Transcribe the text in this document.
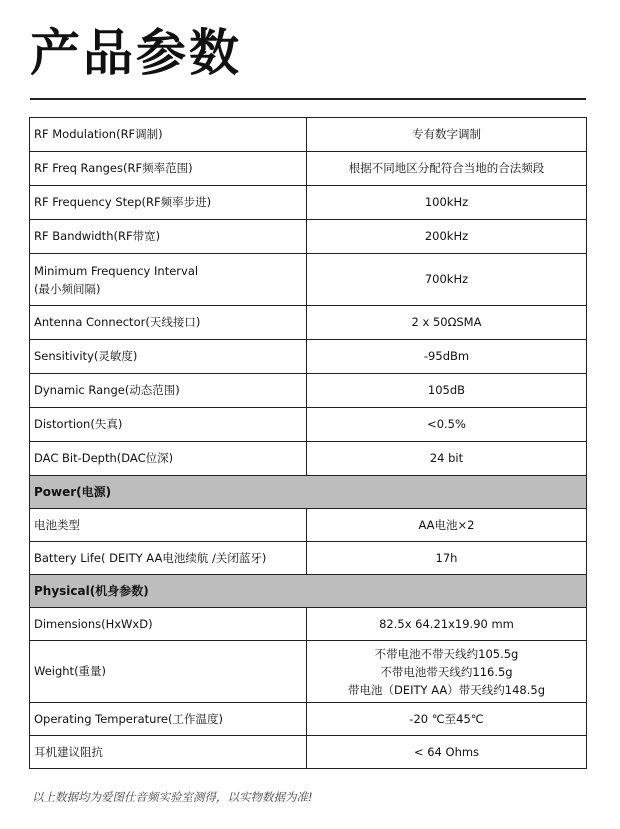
产品参数
RF Modulation(RF调制)	专有数字调制
RF Freq Ranges(RF频率范围)	根据不同地区分配符合当地的合法频段
RF Frequency Step(RF频率步进)	100kHz
RF Bandwidth(RF带宽)	200kHz

Minimum Frequency Interval
(最小频间隔)	700kHz
Antenna Connector(天线接口)	2 x 50ΩSMA
Sensitivity(灵敏度)	-95dBm
Dynamic Range(动态范围)	105dB
Distortion(失真)	<0.5%
DAC Bit-Depth(DAC位深)	24 bit
Power(电源)	
电池类型	AA电池×2
Battery Life( DEITY AA电池续航 /关闭蓝牙)	17h
Physical(机身参数)	
Dimensions(HxWxD)	82.5x 64.21x19.90 mm
Weight(重量)	不带电池不带天线约105.5g
不带电池带天线约116.5g
带电池（DEITY AA）带天线约148.5g

Operating Temperature(工作温度)	-20 ℃至45℃
耳机建议阻抗	< 64 Ohms
以上数据均为爱图仕音频实验室测得，以实物数据为准!
